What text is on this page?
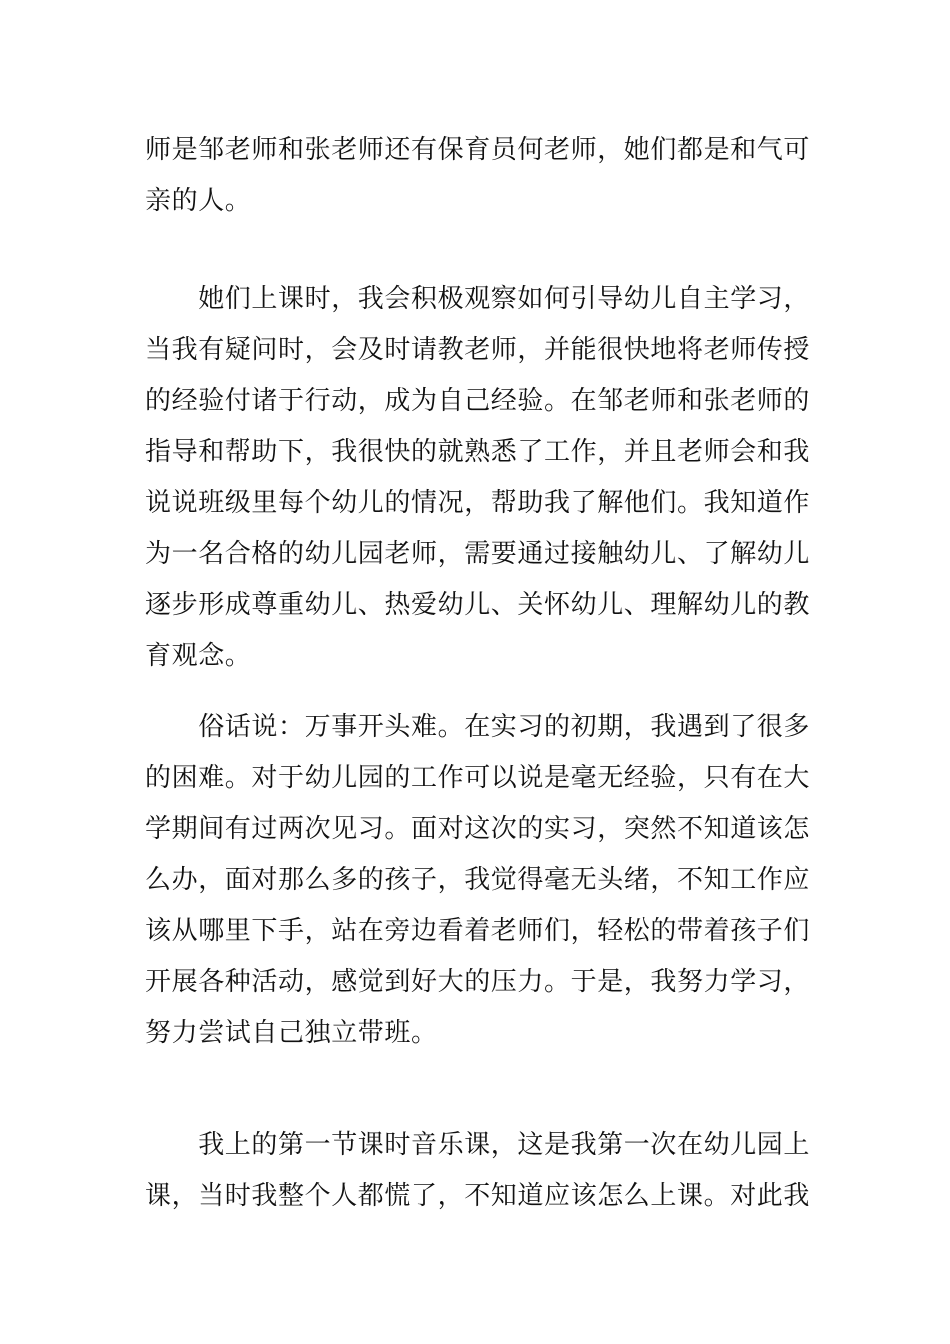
师是邹老师和张老师还有保育员何老师，她们都是和气可
亲的人。
　　她们上课时，我会积极观察如何引导幼儿自主学习，
当我有疑问时，会及时请教老师，并能很快地将老师传授
的经验付诸于行动，成为自己经验。在邹老师和张老师的
指导和帮助下，我很快的就熟悉了工作，并且老师会和我
说说班级里每个幼儿的情况，帮助我了解他们。我知道作
为一名合格的幼儿园老师，需要通过接触幼儿、了解幼儿
逐步形成尊重幼儿、热爱幼儿、关怀幼儿、理解幼儿的教
育观念。
　　俗话说：万事开头难。在实习的初期，我遇到了很多
的困难。对于幼儿园的工作可以说是毫无经验，只有在大
学期间有过两次见习。面对这次的实习，突然不知道该怎
么办，面对那么多的孩子，我觉得毫无头绪，不知工作应
该从哪里下手，站在旁边看着老师们，轻松的带着孩子们
开展各种活动，感觉到好大的压力。于是，我努力学习，
努力尝试自己独立带班。
　　我上的第一节课时音乐课，这是我第一次在幼儿园上
课，当时我整个人都慌了，不知道应该怎么上课。对此我
